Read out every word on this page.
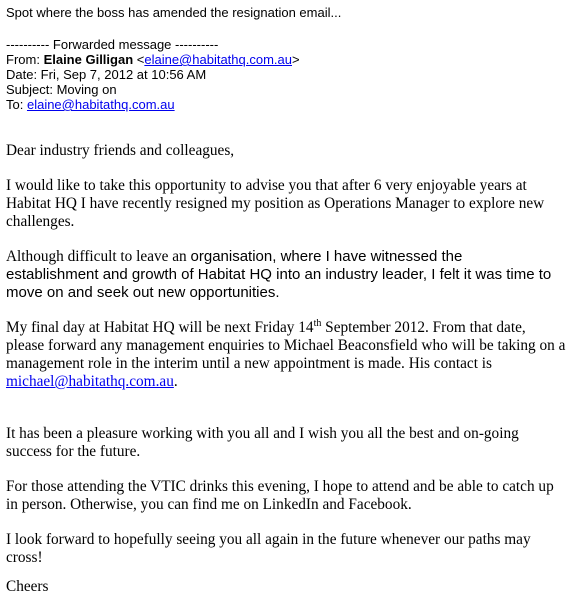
Spot where the boss has amended the resignation email...
---------- Forwarded message ----------
From: Elaine Gilligan <elaine@habitathq.com.au>
Date: Fri, Sep 7, 2012 at 10:56 AM
Subject: Moving on
To: elaine@habitathq.com.au
Dear industry friends and colleagues,
I would like to take this opportunity to advise you that after 6 very enjoyable years at
Habitat HQ I have recently resigned my position as Operations Manager to explore new
challenges.
Although difficult to leave an organisation, where I have witnessed the
establishment and growth of Habitat HQ into an industry leader, I felt it was time to
move on and seek out new opportunities.
My final day at Habitat HQ will be next Friday 14th September 2012. From that date,
please forward any management enquiries to Michael Beaconsfield who will be taking on a
management role in the interim until a new appointment is made. His contact is
michael@habitathq.com.au.
It has been a pleasure working with you all and I wish you all the best and on-going
success for the future.
For those attending the VTIC drinks this evening, I hope to attend and be able to catch up
in person. Otherwise, you can find me on LinkedIn and Facebook.
I look forward to hopefully seeing you all again in the future whenever our paths may
cross!
Cheers
